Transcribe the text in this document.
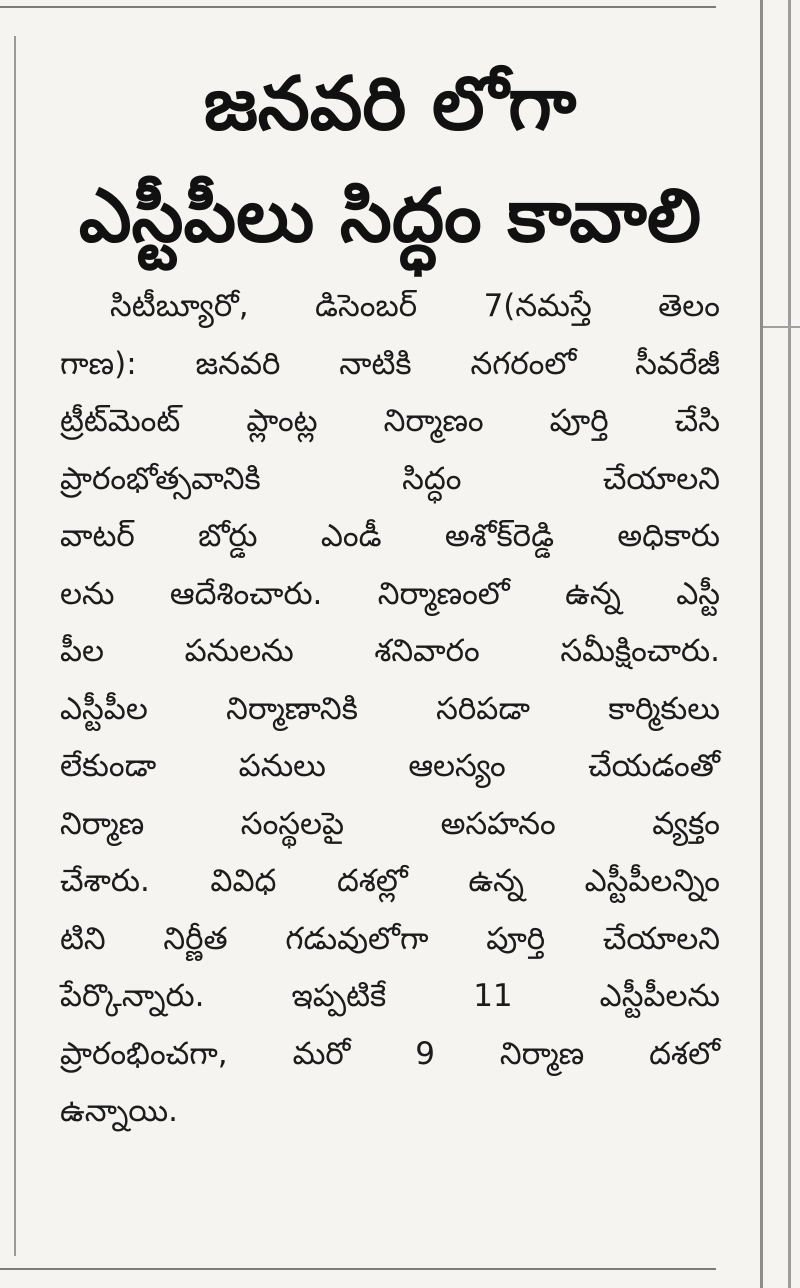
జనవరి లోగా
ఎస్టీపీలు సిద్ధం కావాలి
సిటీబ్యూరో, డిసెంబర్ 7(నమస్తే తెలం
గాణ): జనవరి నాటికి నగరంలో సీవరేజీ
ట్రీట్‌మెంట్ ప్లాంట్ల నిర్మాణం పూర్తి చేసి
ప్రారంభోత్సవానికి సిద్ధం చేయాలని
వాటర్ బోర్డు ఎండీ అశోక్‌రెడ్డి అధికారు
లను ఆదేశించారు. నిర్మాణంలో ఉన్న ఎస్టీ
పీల పనులను శనివారం సమీక్షించారు.
ఎస్టీపీల నిర్మాణానికి సరిపడా కార్మికులు
లేకుండా పనులు ఆలస్యం చేయడంతో
నిర్మాణ సంస్థలపై అసహనం వ్యక్తం
చేశారు. వివిధ దశల్లో ఉన్న ఎస్టీపీలన్నిం
టిని నిర్ణీత గడువులోగా పూర్తి చేయాలని
పేర్కొన్నారు. ఇప్పటికే 11 ఎస్టీపీలను
ప్రారంభించగా, మరో 9 నిర్మాణ దశలో
ఉన్నాయి.
